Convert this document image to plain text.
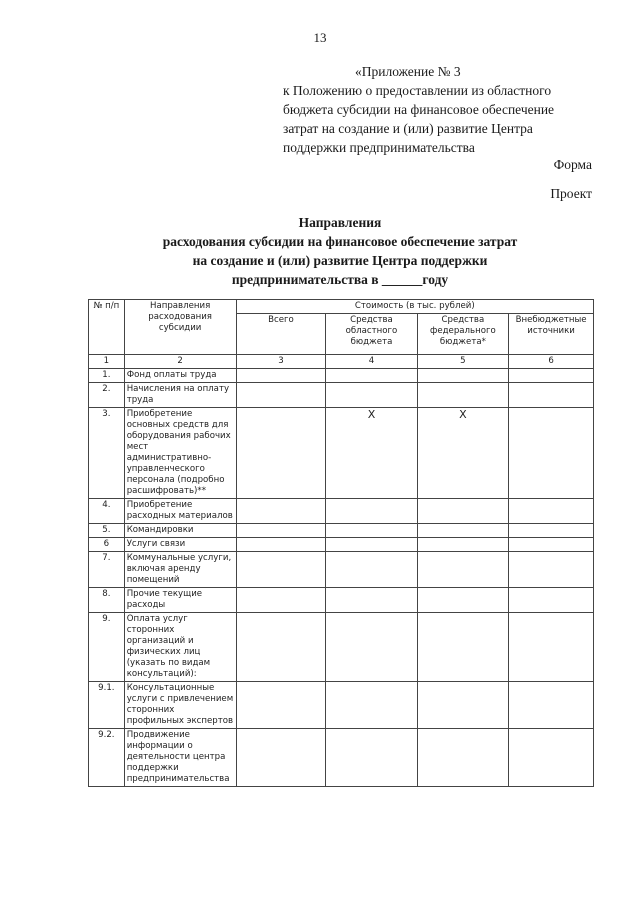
13
«Приложение № 3
к Положению о предоставлении из областного
бюджета субсидии на финансовое обеспечение
затрат на создание и (или) развитие Центра
поддержки предпринимательства
Форма
Проект
Направления
расходования субсидии на финансовое обеспечение затрат
на создание и (или) развитие Центра поддержки
предпринимательства в ______году
№ п/п	Направления расходования субсидии	Стоимость (в тыс. рублей)			
		Всего	Средства областного бюджета	Средства федерального бюджета*	Внебюджетные источники
1	2	3	4	5	6
1.	Фонд оплаты труда				
2.	Начисления на оплату труда				
3.	Приобретение основных средств для оборудования рабочих мест административно-управленческого персонала (подробно расшифровать)**		Х	Х	
4.	Приобретение расходных материалов				
5.	Командировки				
6	Услуги связи				
7.	Коммунальные услуги, включая аренду помещений				
8.	Прочие текущие расходы				
9.	Оплата услуг сторонних организаций и физических лиц (указать по видам консультаций):				
9.1.	Консультационные услуги с привлечением сторонних профильных экспертов				
9.2.	Продвижение информации о деятельности центра поддержки предпринимательства				
